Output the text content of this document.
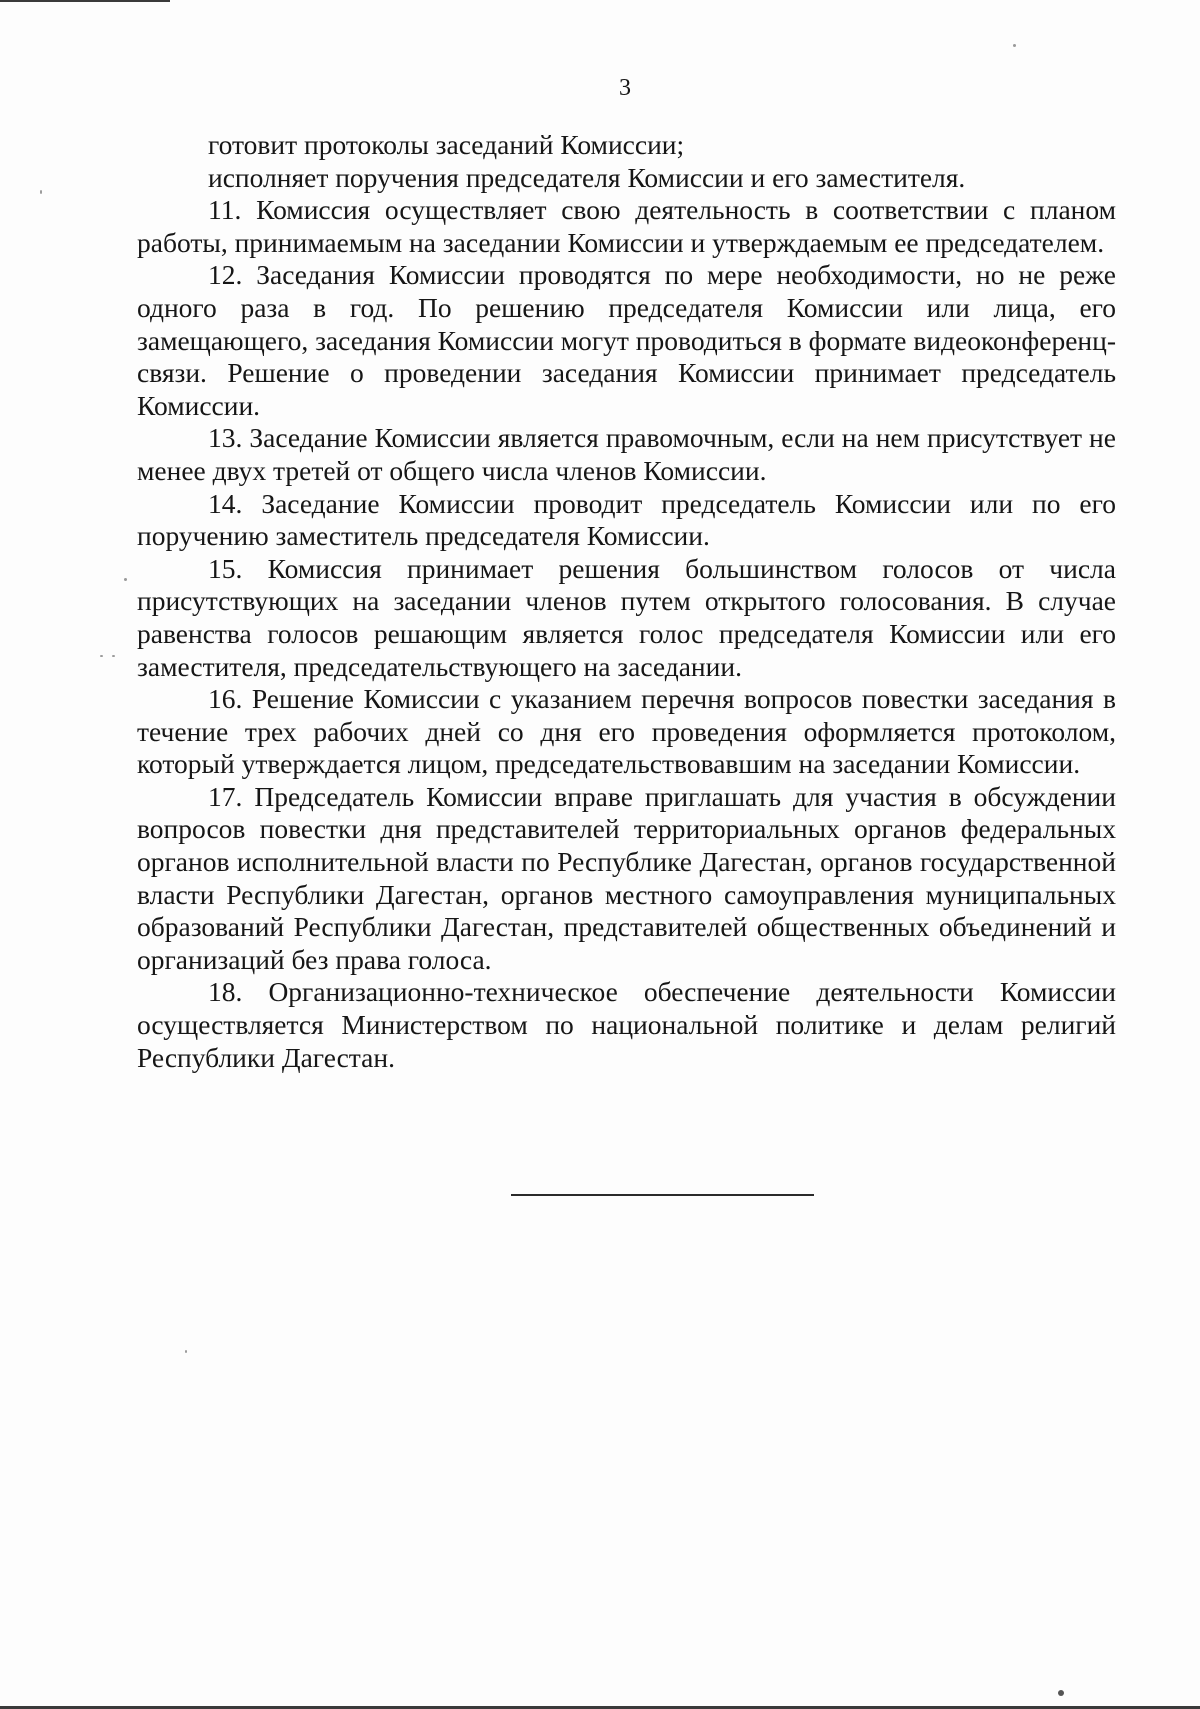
3

готовит протоколы заседаний Комиссии;

исполняет поручения председателя Комиссии и его заместителя.

11. Комиссия осуществляет свою деятельность в соответствии с планом работы, принимаемым на заседании Комиссии и утверждаемым ее председателем.

12. Заседания Комиссии проводятся по мере необходимости, но не реже одного раза в год. По решению председателя Комиссии или лица, его замещающего, заседания Комиссии могут проводиться в формате видеоконференц-связи. Решение о проведении заседания Комиссии принимает председатель Комиссии.

13. Заседание Комиссии является правомочным, если на нем присутствует не менее двух третей от общего числа членов Комиссии.

14. Заседание Комиссии проводит председатель Комиссии или по его поручению заместитель председателя Комиссии.

15. Комиссия принимает решения большинством голосов от числа присутствующих на заседании членов путем открытого голосования. В случае равенства голосов решающим является голос председателя Комиссии или его заместителя, председательствующего на заседании.

16. Решение Комиссии с указанием перечня вопросов повестки заседания в течение трех рабочих дней со дня его проведения оформляется протоколом, который утверждается лицом, председательствовавшим на заседании Комиссии.

17. Председатель Комиссии вправе приглашать для участия в обсуждении вопросов повестки дня представителей территориальных органов федеральных органов исполнительной власти по Республике Дагестан, органов государственной власти Республики Дагестан, органов местного самоуправления муниципальных образований Республики Дагестан, представителей общественных объединений и организаций без права голоса.

18. Организационно-техническое обеспечение деятельности Комиссии осуществляется Министерством по национальной политике и делам религий Республики Дагестан.
